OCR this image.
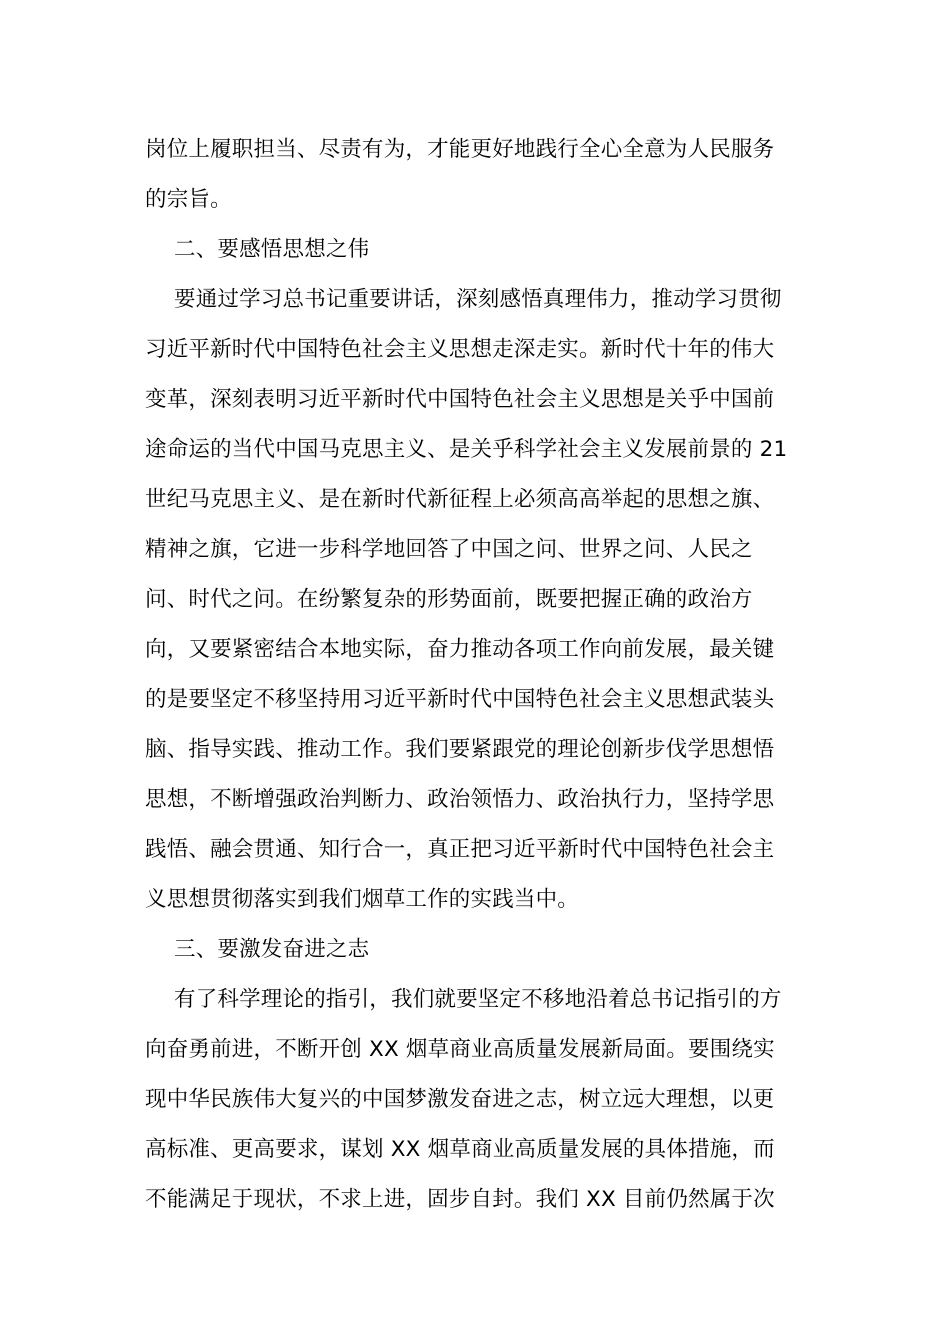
岗位上履职担当、尽责有为，才能更好地践行全心全意为人民服务
的宗旨。
二、要感悟思想之伟
要通过学习总书记重要讲话，深刻感悟真理伟力，推动学习贯彻
习近平新时代中国特色社会主义思想走深走实。新时代十年的伟大
变革，深刻表明习近平新时代中国特色社会主义思想是关乎中国前
途命运的当代中国马克思主义、是关乎科学社会主义发展前景的 21
世纪马克思主义、是在新时代新征程上必须高高举起的思想之旗、
精神之旗，它进一步科学地回答了中国之问、世界之问、人民之
问、时代之问。在纷繁复杂的形势面前，既要把握正确的政治方
向，又要紧密结合本地实际，奋力推动各项工作向前发展，最关键
的是要坚定不移坚持用习近平新时代中国特色社会主义思想武装头
脑、指导实践、推动工作。我们要紧跟党的理论创新步伐学思想悟
思想，不断增强政治判断力、政治领悟力、政治执行力，坚持学思
践悟、融会贯通、知行合一，真正把习近平新时代中国特色社会主
义思想贯彻落实到我们烟草工作的实践当中。
三、要激发奋进之志
有了科学理论的指引，我们就要坚定不移地沿着总书记指引的方
向奋勇前进，不断开创 XX 烟草商业高质量发展新局面。要围绕实
现中华民族伟大复兴的中国梦激发奋进之志，树立远大理想，以更
高标准、更高要求，谋划 XX 烟草商业高质量发展的具体措施，而
不能满足于现状，不求上进，固步自封。我们 XX 目前仍然属于次
